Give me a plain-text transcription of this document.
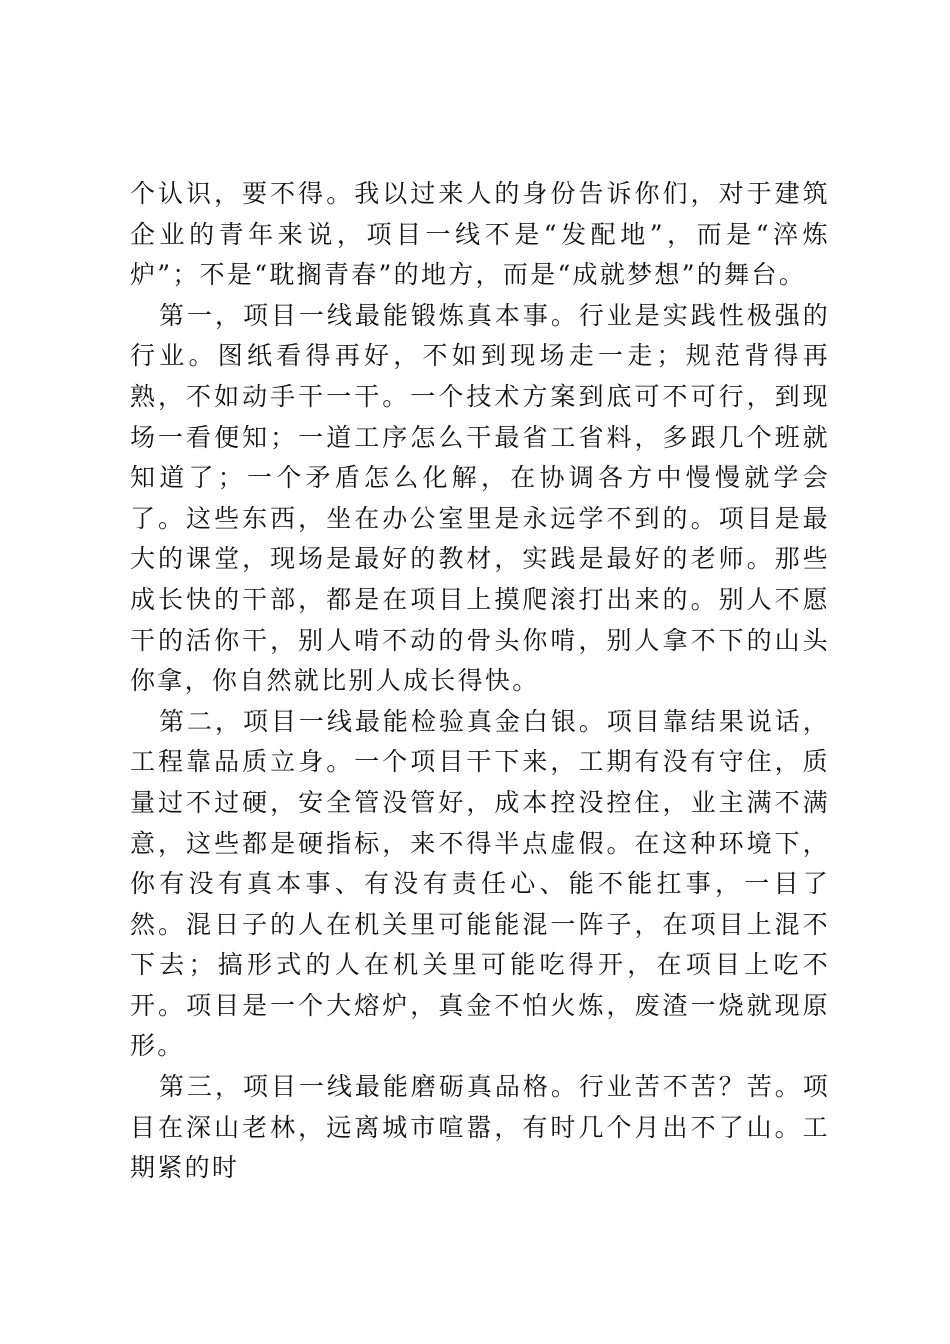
个认识，要不得。我以过来人的身份告诉你们，对于建筑企业的青年来说，项目一线不是“发配地”，而是“淬炼炉”；不是“耽搁青春”的地方，而是“成就梦想”的舞台。

第一，项目一线最能锻炼真本事。行业是实践性极强的行业。图纸看得再好，不如到现场走一走；规范背得再熟，不如动手干一干。一个技术方案到底可不可行，到现场一看便知；一道工序怎么干最省工省料，多跟几个班就知道了；一个矛盾怎么化解，在协调各方中慢慢就学会了。这些东西，坐在办公室里是永远学不到的。项目是最大的课堂，现场是最好的教材，实践是最好的老师。那些成长快的干部，都是在项目上摸爬滚打出来的。别人不愿干的活你干，别人啃不动的骨头你啃，别人拿不下的山头你拿，你自然就比别人成长得快。

第二，项目一线最能检验真金白银。项目靠结果说话，工程靠品质立身。一个项目干下来，工期有没有守住，质量过不过硬，安全管没管好，成本控没控住，业主满不满意，这些都是硬指标，来不得半点虚假。在这种环境下，你有没有真本事、有没有责任心、能不能扛事，一目了然。混日子的人在机关里可能能混一阵子，在项目上混不下去；搞形式的人在机关里可能吃得开，在项目上吃不开。项目是一个大熔炉，真金不怕火炼，废渣一烧就现原形。

第三，项目一线最能磨砺真品格。行业苦不苦？苦。项目在深山老林，远离城市喧嚣，有时几个月出不了山。工期紧的时
